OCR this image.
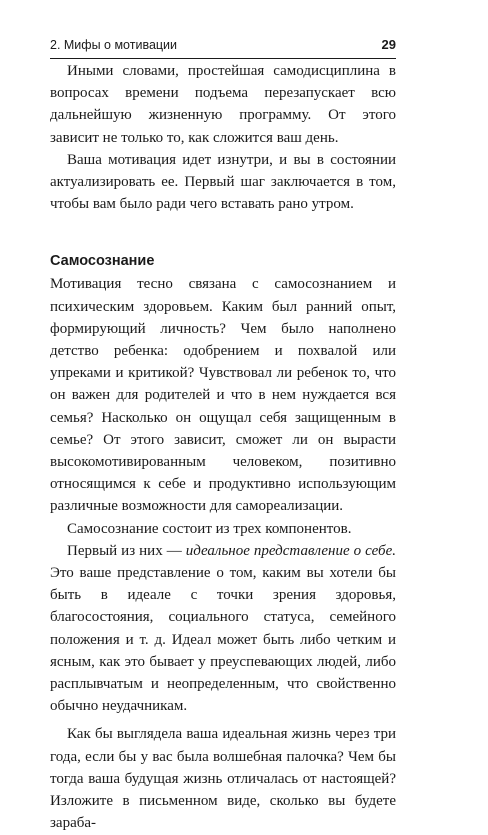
2. Мифы о мотивации	29

Иными словами, простейшая самодисциплина в вопросах времени подъема перезапускает всю дальнейшую жизненную программу. От этого зависит не только то, как сложится ваш день.

Ваша мотивация идет изнутри, и вы в состоянии актуализировать ее. Первый шаг заключается в том, чтобы вам было ради чего вставать рано утром.

Самосознание

Мотивация тесно связана с самосознанием и психическим здоровьем. Каким был ранний опыт, формирующий личность? Чем было наполнено детство ребенка: одобрением и похвалой или упреками и критикой? Чувствовал ли ребенок то, что он важен для родителей и что в нем нуждается вся семья? Насколько он ощущал себя защищенным в семье? От этого зависит, сможет ли он вырасти высокомотивированным человеком, позитивно относящимся к себе и продуктивно использующим различные возможности для самореализации.

Самосознание состоит из трех компонентов.

Первый из них — идеальное представление о себе. Это ваше представление о том, каким вы хотели бы быть в идеале с точки зрения здоровья, благосостояния, социального статуса, семейного положения и т. д. Идеал может быть либо четким и ясным, как это бывает у преуспевающих людей, либо расплывчатым и неопределенным, что свойственно обычно неудачникам.

Как бы выглядела ваша идеальная жизнь через три года, если бы у вас была волшебная палочка? Чем бы тогда ваша будущая жизнь отличалась от настоящей? Изложите в письменном виде, сколько вы будете зараба-
